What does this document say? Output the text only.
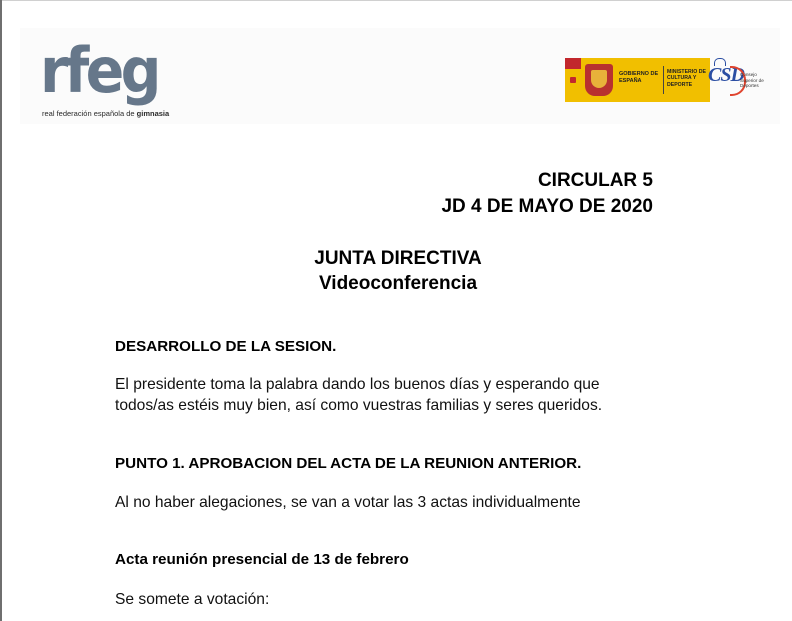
rfeg
real federación española de gimnasia
GOBIERNO DE ESPAÑA
MINISTERIO DE CULTURA Y DEPORTE CSD
Consejo Superior de Deportes
CIRCULAR 5
JD 4 DE MAYO DE 2020
JUNTA DIRECTIVA
Videoconferencia
DESARROLLO DE LA SESION.
El presidente toma la palabra dando los buenos días y esperando que
todos/as estéis muy bien, así como vuestras familias y seres queridos.
PUNTO 1. APROBACION DEL ACTA DE LA REUNION ANTERIOR.
Al no haber alegaciones, se van a votar las 3 actas individualmente
Acta reunión presencial de 13 de febrero
Se somete a votación:
